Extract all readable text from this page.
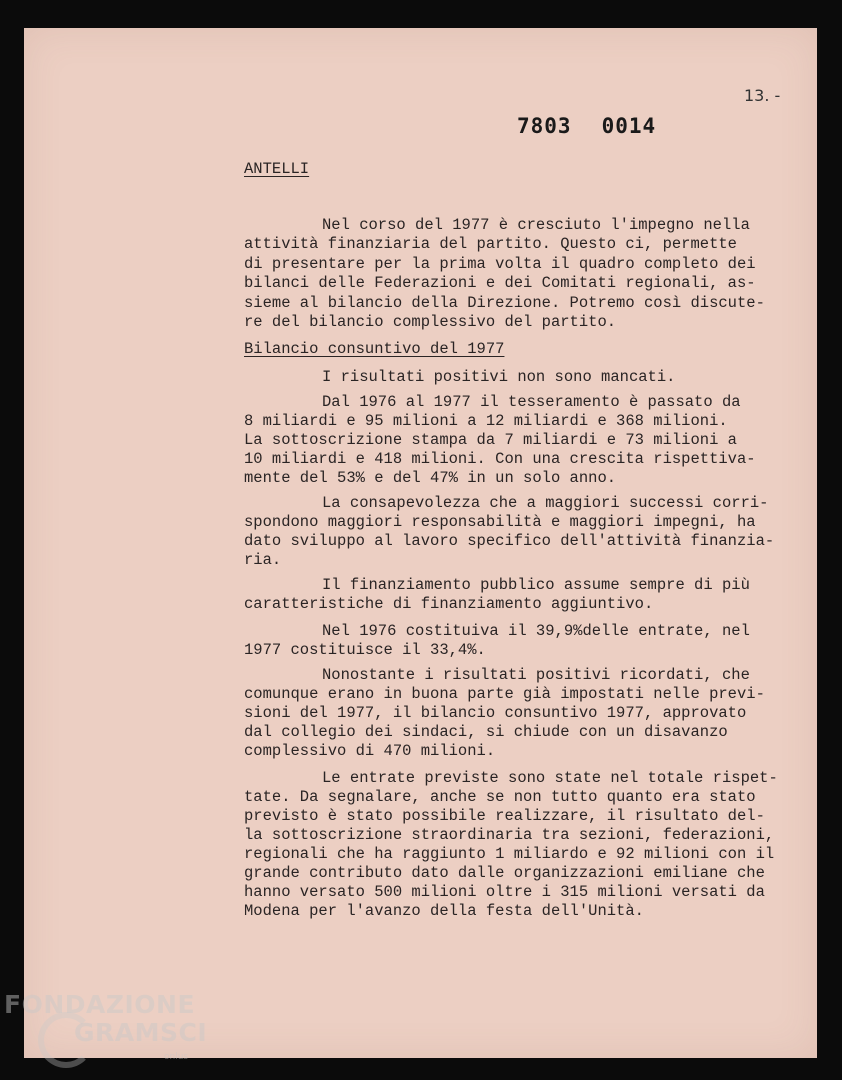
13. -
7803 0014
ANTELLI
Nel corso del 1977 è cresciuto l'impegno nella
attività finanziaria del partito. Questo ci, permette
di presentare per la prima volta il quadro completo dei
bilanci delle Federazioni e dei Comitati regionali, as-
sieme al bilancio della Direzione. Potremo così discute-
re del bilancio complessivo del partito.
Bilancio consuntivo del 1977
I risultati positivi non sono mancati.
Dal 1976 al 1977 il tesseramento è passato da
8 miliardi e 95 milioni a 12 miliardi e 368 milioni.
La sottoscrizione stampa da 7 miliardi e 73 milioni a
10 miliardi e 418 milioni. Con una crescita rispettiva-
mente del 53% e del 47% in un solo anno.
La consapevolezza che a maggiori successi corri-
spondono maggiori responsabilità e maggiori impegni, ha
dato sviluppo al lavoro specifico dell'attività finanzia-
ria.
Il finanziamento pubblico assume sempre di più
caratteristiche di finanziamento aggiuntivo.
Nel 1976 costituiva il 39,9%delle entrate, nel
1977 costituisce il 33,4%.
Nonostante i risultati positivi ricordati, che
comunque erano in buona parte già impostati nelle previ-
sioni del 1977, il bilancio consuntivo 1977, approvato
dal collegio dei sindaci, si chiude con un disavanzo
complessivo di 470 milioni.
Le entrate previste sono state nel totale rispet-
tate. Da segnalare, anche se non tutto quanto era stato
previsto è stato possibile realizzare, il risultato del-
la sottoscrizione straordinaria tra sezioni, federazioni,
regionali che ha raggiunto 1 miliardo e 92 milioni con il
grande contributo dato dalle organizzazioni emiliane che
hanno versato 500 milioni oltre i 315 milioni versati da
Modena per l'avanzo della festa dell'Unità.
FONDAZIONE
GRAMSCI
onlus
